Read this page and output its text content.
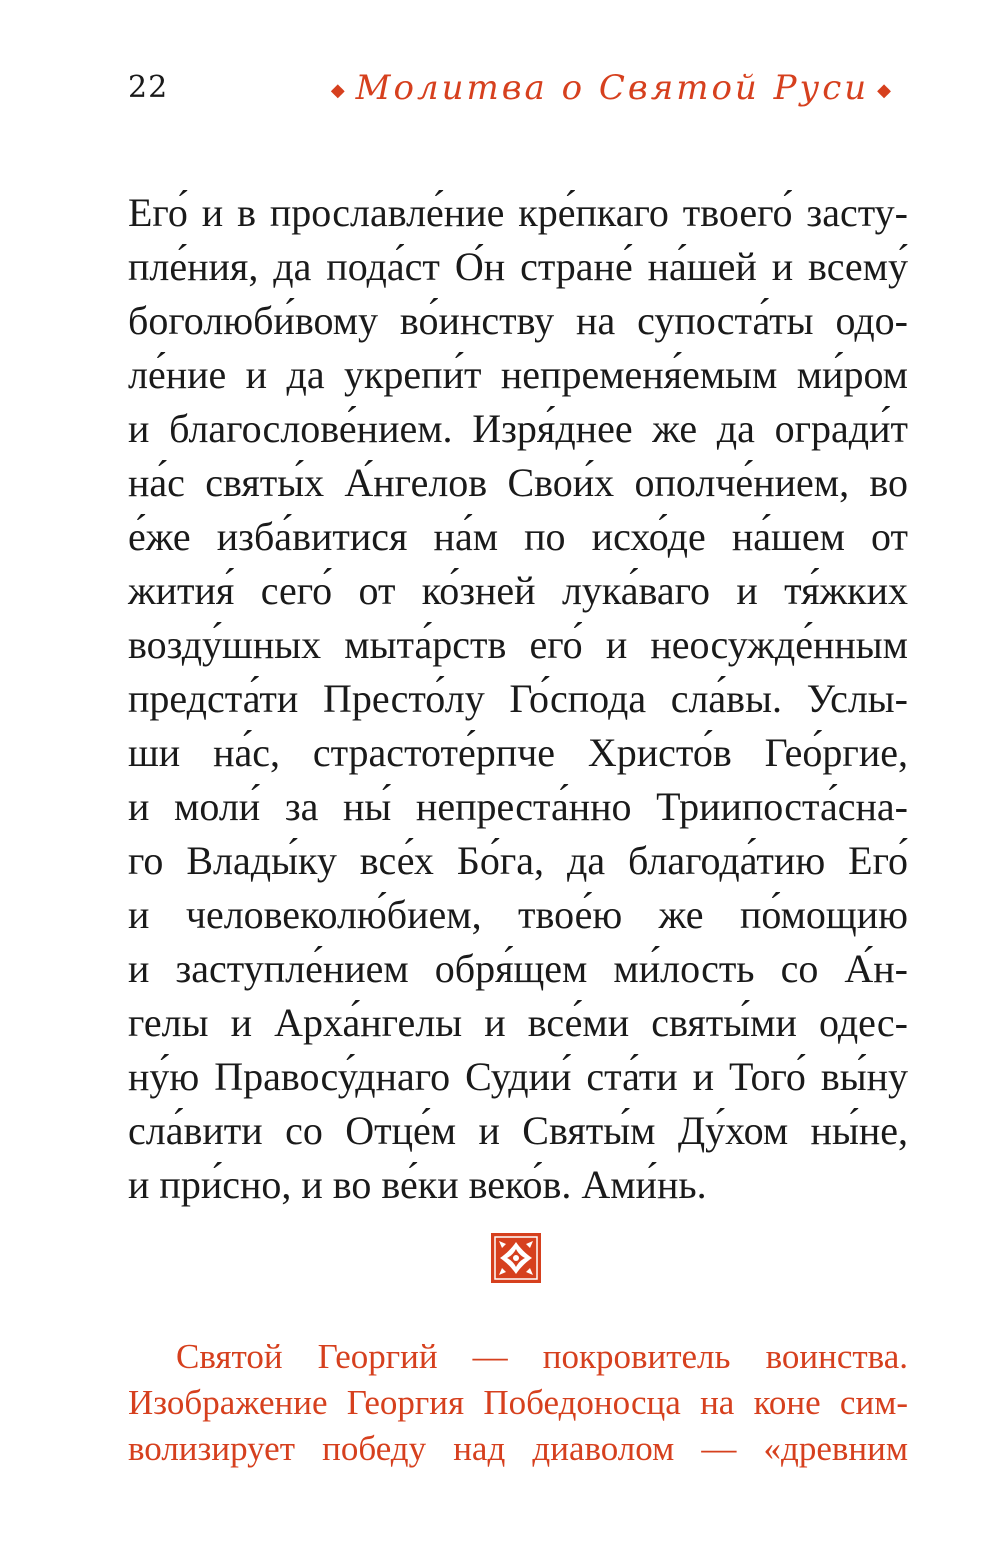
22	◆ Молитва о Святой Руси ◆
Его́ и в прославле́ние кре́пкаго твоего́ засту-
пле́ния, да пода́ст О́н стране́ на́шей и всему́
боголюби́вому во́инству на супоста́ты одо-
ле́ние и да укрепи́т непременя́емым ми́ром
и благослове́нием. Изря́днее же да огради́т
на́с святы́х А́нгелов Свои́х ополче́нием, во
е́же изба́витися на́м по исхо́де на́шем от
жития́ сего́ от ко́зней лука́ваго и тя́жких
возду́шных мыта́рств его́ и неосужде́нным
предста́ти Престо́лу Го́спода сла́вы. Услы-
ши на́с, страстоте́рпче Христо́в Гео́ргие,
и моли́ за ны́ непреста́нно Триипоста́сна-
го Влады́ку все́х Бо́га, да благода́тию Его́
и человеколю́бием, твое́ю же по́мощию
и заступле́нием обря́щем ми́лость со А́н-
гелы и Арха́нгелы и все́ми святы́ми одес-
ну́ю Правосу́днаго Судии́ ста́ти и Того́ вы́ну
сла́вити со Отце́м и Святы́м Ду́хом ны́не,
и при́сно, и во ве́ки веко́в. Ами́нь.
Святой Георгий — покровитель воинства.
Изображение Георгия Победоносца на коне сим-
волизирует победу над диаволом — «древним
